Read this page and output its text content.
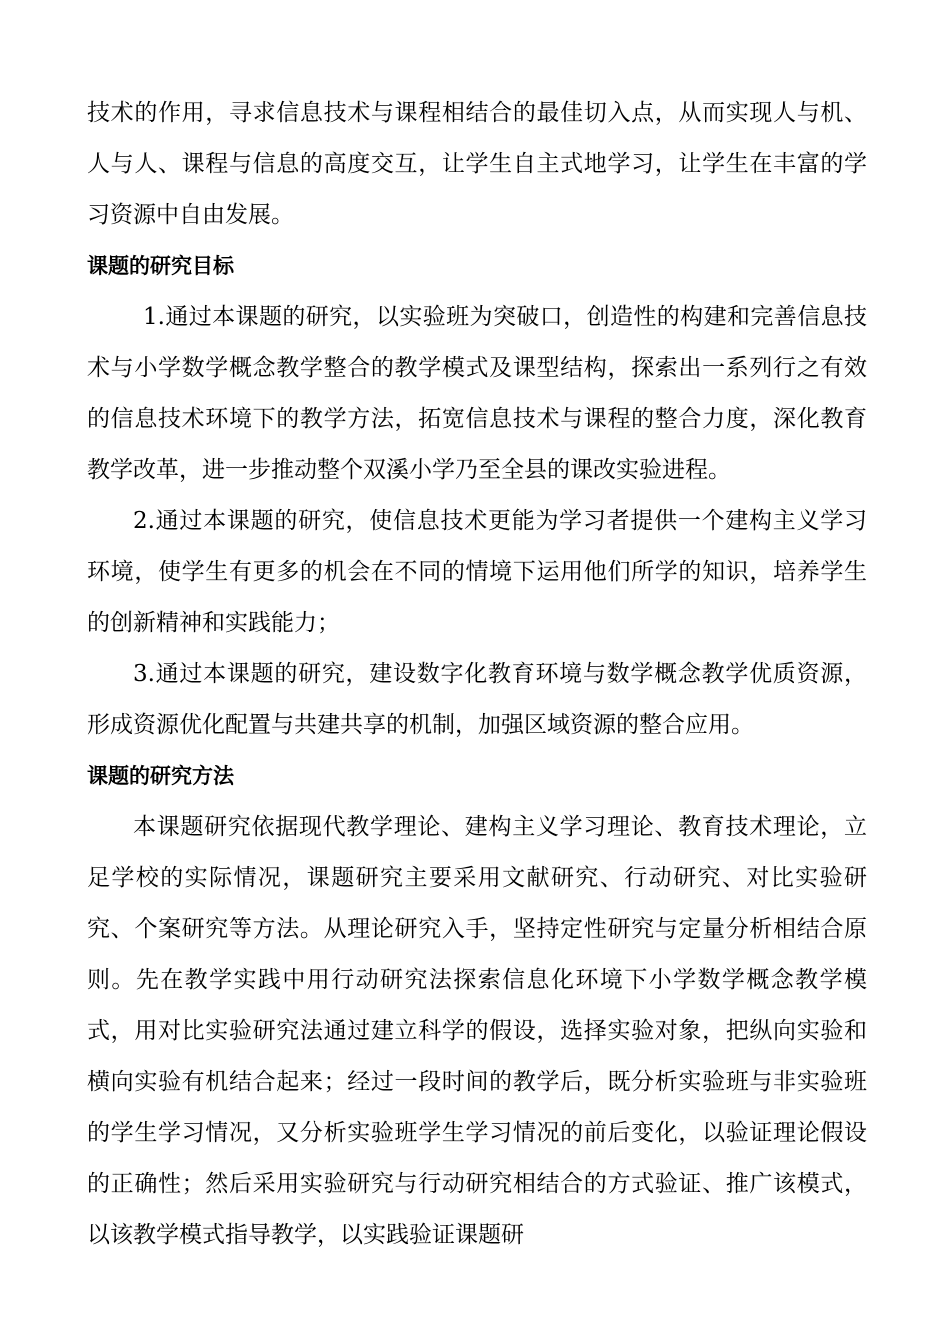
技术的作用，寻求信息技术与课程相结合的最佳切入点，从而实现人与机、人与人、课程与信息的高度交互，让学生自主式地学习，让学生在丰富的学习资源中自由发展。

课题的研究目标

1.通过本课题的研究，以实验班为突破口，创造性的构建和完善信息技术与小学数学概念教学整合的教学模式及课型结构，探索出一系列行之有效的信息技术环境下的教学方法，拓宽信息技术与课程的整合力度，深化教育教学改革，进一步推动整个双溪小学乃至全县的课改实验进程。

2.通过本课题的研究，使信息技术更能为学习者提供一个建构主义学习环境，使学生有更多的机会在不同的情境下运用他们所学的知识，培养学生的创新精神和实践能力；

3.通过本课题的研究，建设数字化教育环境与数学概念教学优质资源，形成资源优化配置与共建共享的机制，加强区域资源的整合应用。

课题的研究方法

本课题研究依据现代教学理论、建构主义学习理论、教育技术理论，立足学校的实际情况，课题研究主要采用文献研究、行动研究、对比实验研究、个案研究等方法。从理论研究入手，坚持定性研究与定量分析相结合原则。先在教学实践中用行动研究法探索信息化环境下小学数学概念教学模式，用对比实验研究法通过建立科学的假设，选择实验对象，把纵向实验和横向实验有机结合起来；经过一段时间的教学后，既分析实验班与非实验班的学生学习情况，又分析实验班学生学习情况的前后变化，以验证理论假设的正确性；然后采用实验研究与行动研究相结合的方式验证、推广该模式，以该教学模式指导教学，以实践验证课题研
